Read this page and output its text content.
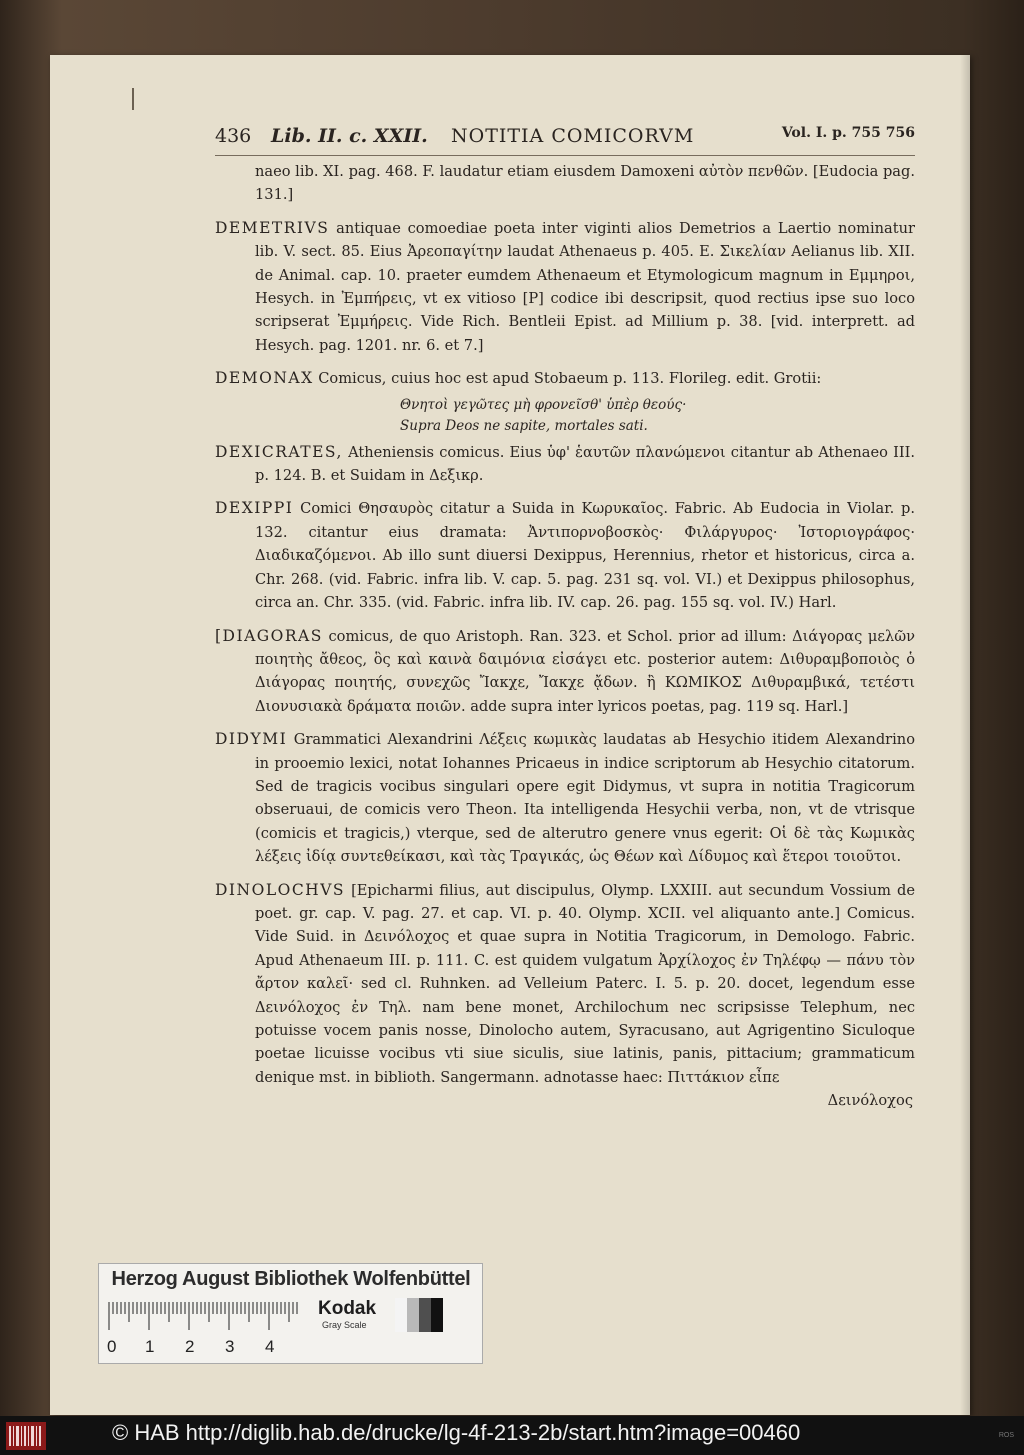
436 Lib. II. c. XXII. NOTITIA COMICORVM	Vol. I. p. 755 756

naeo lib. XI. pag. 468. F. laudatur etiam eiusdem Damoxeni αὐτὸν πενθῶν. [Eudocia pag. 131.]

DEMETRIVS antiquae comoediae poeta inter viginti alios Demetrios a Laertio nominatur lib. V. sect. 85. Eius Ἀρεοπαγίτην laudat Athenaeus p. 405. E. Σικελίαν Aelianus lib. XII. de Animal. cap. 10. praeter eumdem Athenaeum et Etymologicum magnum in Εμμηροι, Hesych. in Ἐμπήρεις, vt ex vitioso [P] codice ibi descripsit, quod rectius ipse suo loco scripserat Ἐμμήρεις. Vide Rich. Bentleii Epist. ad Millium p. 38. [vid. interprett. ad Hesych. pag. 1201. nr. 6. et 7.]

DEMONAX Comicus, cuius hoc est apud Stobaeum p. 113. Florileg. edit. Grotii:

Θνητοὶ γεγῶτες μὴ φρονεῖσθ' ὑπὲρ θεούς·
Supra Deos ne sapite, mortales sati.

DEXICRATES, Atheniensis comicus. Eius ὑφ' ἑαυτῶν πλανώμενοι citantur ab Athenaeo III. p. 124. B. et Suidam in Δεξικρ.

DEXIPPI Comici Θησαυρὸς citatur a Suida in Κωρυκαῖος. Fabric. Ab Eudocia in Violar. p. 132. citantur eius dramata: Ἀντιπορνοβοσκὸς· Φιλάργυρος· Ἰστοριογράφος· Διαδικαζόμενοι. Ab illo sunt diuersi Dexippus, Herennius, rhetor et historicus, circa a. Chr. 268. (vid. Fabric. infra lib. V. cap. 5. pag. 231 sq. vol. VI.) et Dexippus philosophus, circa an. Chr. 335. (vid. Fabric. infra lib. IV. cap. 26. pag. 155 sq. vol. IV.) Harl.

[DIAGORAS comicus, de quo Aristoph. Ran. 323. et Schol. prior ad illum: Διάγορας μελῶν ποιητὴς ἄθεος, ὃς καὶ καινὰ δαιμόνια εἰσάγει etc. posterior autem: Διθυραμβοποιὸς ὁ Διάγορας ποιητής, συνεχῶς Ἴακχε, Ἴακχε ᾄδων. ἢ ΚΩΜΙΚΟΣ Διθυραμβικά, τετέστι Διονυσιακὰ δράματα ποιῶν. adde supra inter lyricos poetas, pag. 119 sq. Harl.]

DIDYMI Grammatici Alexandrini Λέξεις κωμικὰς laudatas ab Hesychio itidem Alexandrino in prooemio lexici, notat Iohannes Pricaeus in indice scriptorum ab Hesychio citatorum. Sed de tragicis vocibus singulari opere egit Didymus, vt supra in notitia Tragicorum obseruaui, de comicis vero Theon. Ita intelligenda Hesychii verba, non, vt de vtrisque (comicis et tragicis,) vterque, sed de alterutro genere vnus egerit: Οἱ δὲ τὰς Κωμικὰς λέξεις ἰδίᾳ συντεθείκασι, καὶ τὰς Τραγικάς, ὡς Θέων καὶ Δίδυμος καὶ ἕτεροι τοιοῦτοι.

DINOLOCHVS [Epicharmi filius, aut discipulus, Olymp. LXXIII. aut secundum Vossium de poet. gr. cap. V. pag. 27. et cap. VI. p. 40. Olymp. XCII. vel aliquanto ante.] Comicus. Vide Suid. in Δεινόλοχος et quae supra in Notitia Tragicorum, in Demologo. Fabric. Apud Athenaeum III. p. 111. C. est quidem vulgatum Ἀρχίλοχος ἐν Τηλέφῳ — πάνυ τὸν ἄρτον καλεῖ· sed cl. Ruhnken. ad Velleium Paterc. I. 5. p. 20. docet, legendum esse Δεινόλοχος ἐν Τηλ. nam bene monet, Archilochum nec scripsisse Telephum, nec potuisse vocem panis nosse, Dinolocho autem, Syracusano, aut Agrigentino Siculoque poetae licuisse vocibus vti siue siculis, siue latinis, panis, pittacium; grammaticum denique mst. in biblioth. Sangermann. adnotasse haec: Πιττάκιον εἶπε

Δεινόλοχος
Herzog August Bibliothek Wolfenbüttel
0 1 2 3 4
Kodak
Gray Scale
© HAB http://diglib.hab.de/drucke/lg-4f-213-2b/start.htm?image=00460	ROS
